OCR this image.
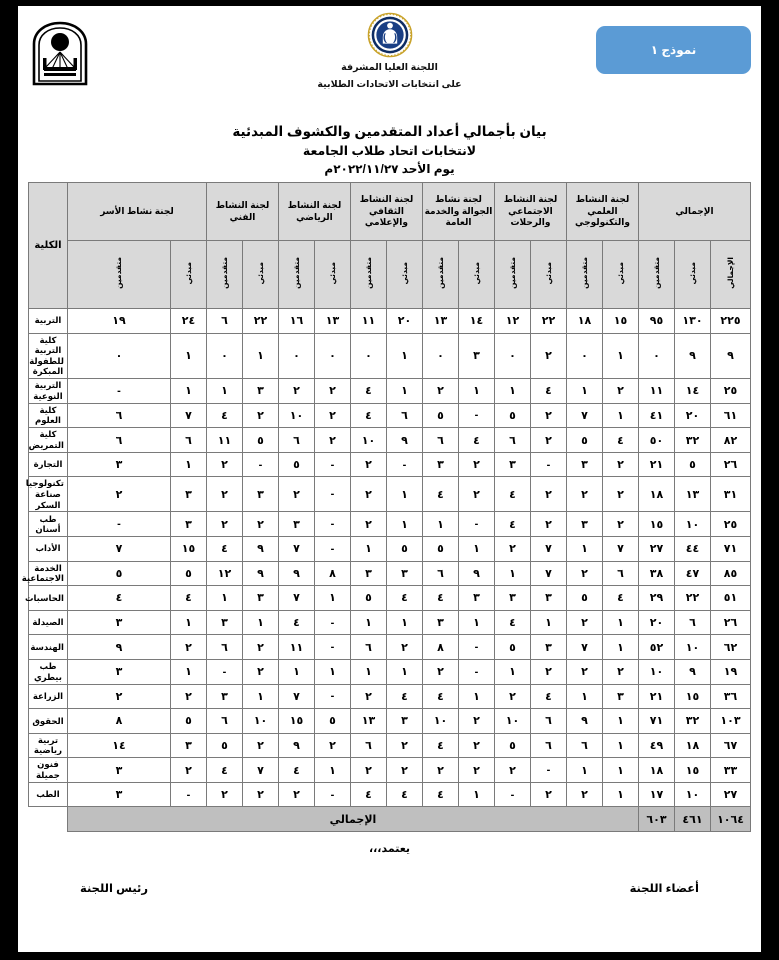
نموذج ١
اللجنة العليا المشرفة
على انتخابات الاتحادات الطلابية
بيان بأجمالي أعداد المتقدمين والكشوف المبدئية
لانتخابات اتحاد طلاب الجامعة
يوم الأحد ٢٠٢٢/١١/٢٧م
الإجمالي			لجنة النشاط العلمي والتكنولوجي		لجنة النشاط الاجتماعي والرحلات		لجنة نشاط الجوالة والخدمة العامة		لجنة النشاط الثقافي والإعلامي		لجنة النشاط الرياضي		لجنة النشاط الفني		لجنة نشاط الأسر		الكلية
الإجمالي	مبدئي	متقدمين	مبدئي	متقدمين	مبدئي	متقدمين	مبدئي	متقدمين	مبدئي	متقدمين	مبدئي	متقدمين	مبدئي	متقدمين	مبدئي	متقدمين	
٢٢٥	١٣٠	٩٥	١٥	١٨	٢٢	١٢	١٤	١٣	٢٠	١١	١٣	١٦	٢٢	٦	٢٤	١٩	التربية
٩	٩	٠	١	٠	٢	٠	٣	٠	١	٠	٠	٠	١	٠	١	٠	كلية التربية للطفولة المبكرة
٢٥	١٤	١١	٢	١	٤	١	١	٢	١	٤	٢	٢	٣	١	١	-	التربية النوعية
٦١	٢٠	٤١	١	٧	٢	٥	-	٥	٦	٤	٢	١٠	٢	٤	٧	٦	كلية العلوم
٨٢	٣٢	٥٠	٤	٥	٢	٦	٤	٦	٩	١٠	٢	٦	٥	١١	٦	٦	كلية التمريض
٢٦	٥	٢١	٢	٣	-	٣	٢	٣	-	٢	-	٥	-	٢	١	٣	التجارة
٣١	١٣	١٨	٢	٢	٢	٤	٢	٤	١	٢	-	٢	٣	٢	٣	٢	تكنولوجيا صناعة السكر
٢٥	١٠	١٥	٢	٣	٢	٤	-	١	١	٢	-	٣	٢	٢	٣	-	طب أسنان
٧١	٤٤	٢٧	٧	١	٧	٢	١	٥	٥	١	-	٧	٩	٤	١٥	٧	الأداب
٨٥	٤٧	٣٨	٦	٢	٧	١	٩	٦	٣	٣	٨	٩	٩	١٢	٥	٥	الخدمة الاجتماعية
٥١	٢٢	٢٩	٤	٥	٣	٣	٣	٤	٤	٥	١	٧	٣	١	٤	٤	الحاسبات
٢٦	٦	٢٠	١	٢	١	٤	١	٣	١	١	-	٤	١	٣	١	٣	الصيدلة
٦٢	١٠	٥٢	١	٧	٣	٥	-	٨	٢	٦	-	١١	٢	٦	٢	٩	الهندسة
١٩	٩	١٠	٢	٢	٢	١	-	٢	١	١	١	١	٢	-	١	٣	طب بيطري
٣٦	١٥	٢١	٣	١	٤	٢	١	٤	٤	٢	-	٧	١	٣	٢	٢	الزراعة
١٠٣	٣٢	٧١	١	٩	٦	١٠	٢	١٠	٣	١٣	٥	١٥	١٠	٦	٥	٨	الحقوق
٦٧	١٨	٤٩	١	٦	٦	٥	٢	٤	٢	٦	٢	٩	٢	٥	٣	١٤	تربية رياضية
٣٣	١٥	١٨	١	١	-	٢	٢	٢	٢	٢	١	٤	٧	٤	٢	٣	فنون جميلة
٢٧	١٠	١٧	١	٢	٢	-	١	٤	٤	٤	-	٢	٢	٢	-	٣	الطب
١٠٦٤	٤٦١	٦٠٣	الإجمالي														
يعتمد،،،
أعضاء اللجنة
رئيس اللجنة
